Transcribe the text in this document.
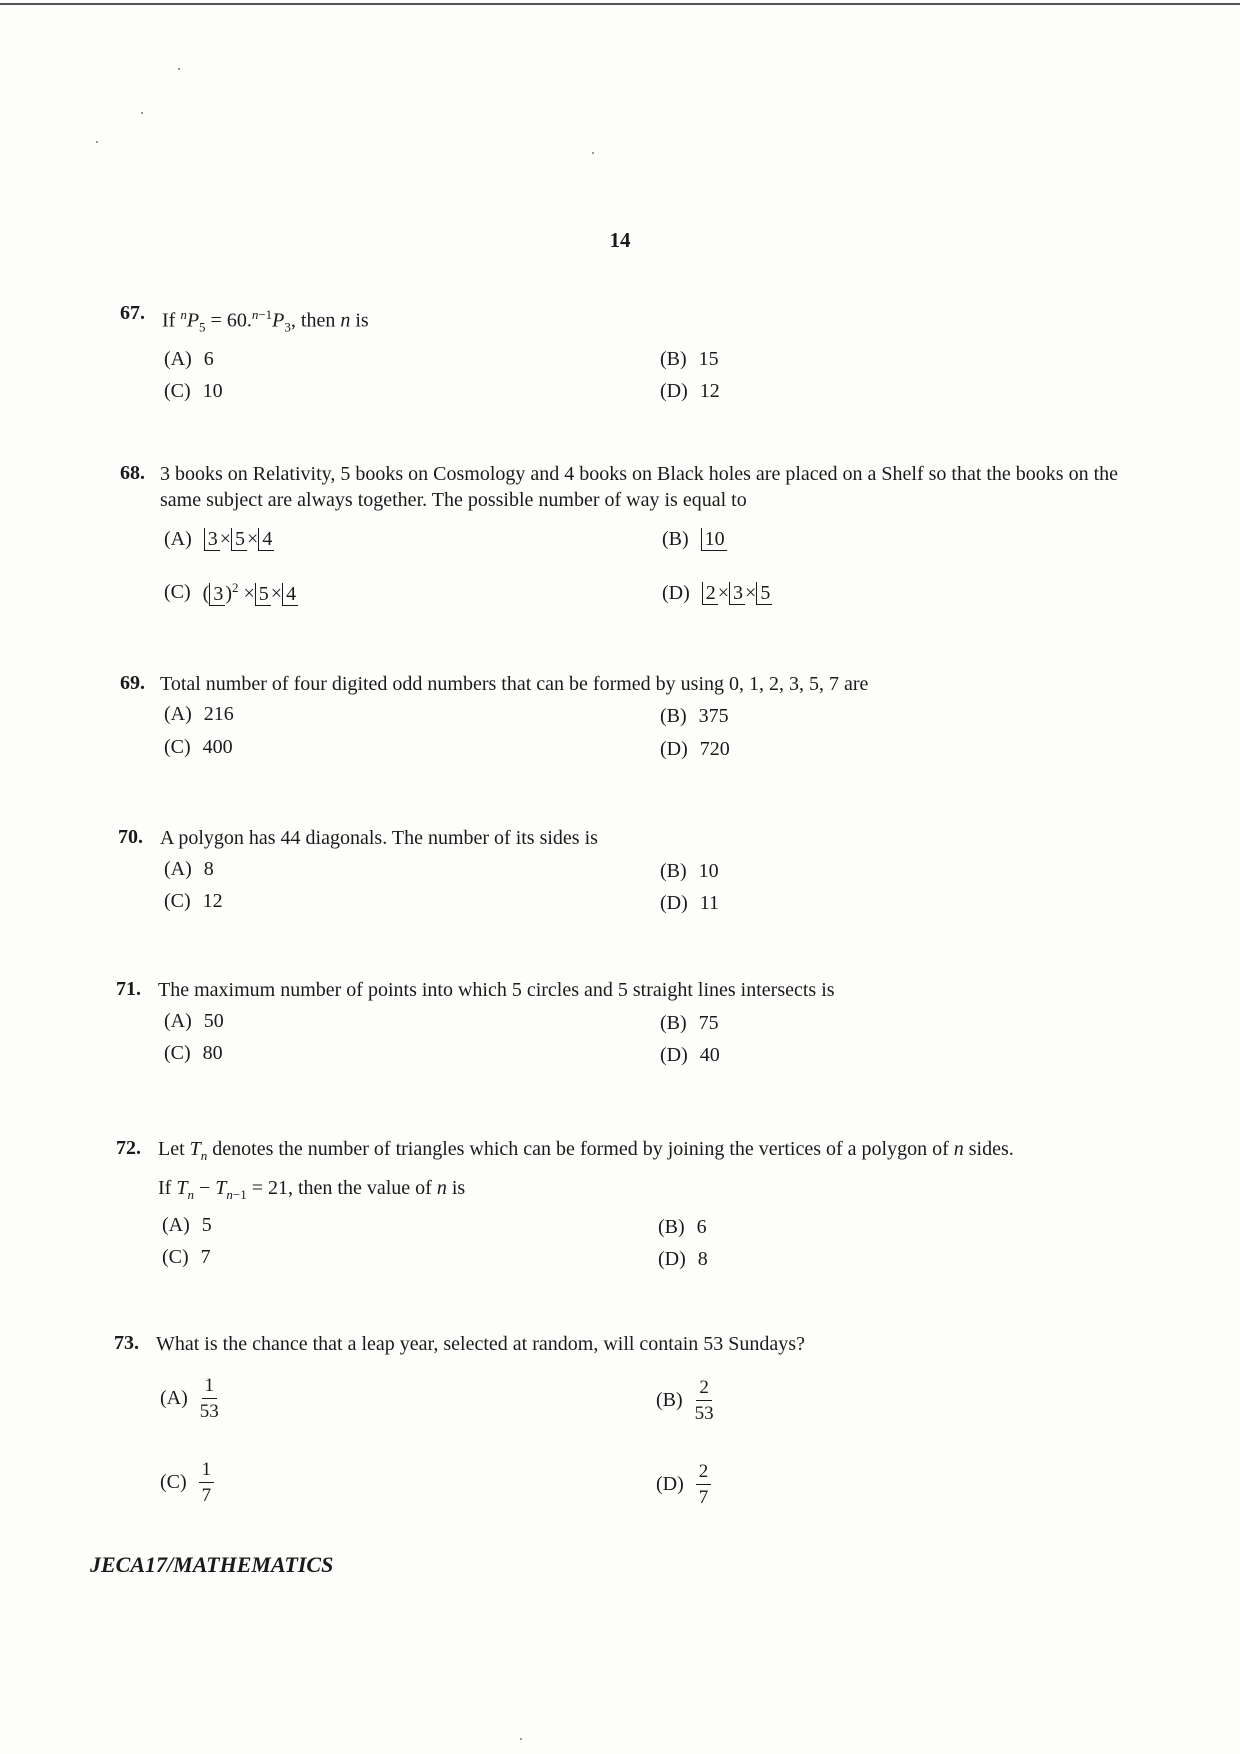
14
67. If $^nP_5 = 60.^{n-1}P_3$, then n is
(A) 6	(B) 15
(C) 10	(D) 12
68. 3 books on Relativity, 5 books on Cosmology and 4 books on Black holes are placed on a Shelf so that the books on the same subject are always together. The possible number of way is equal to
(A) 3 × 5 × 4	(B) 10
(C) ( 3 )$^2$ × 5 × 4	(D) 2 × 3 × 5
69. Total number of four digited odd numbers that can be formed by using 0, 1, 2, 3, 5, 7 are
(A) 216	(B) 375
(C) 400	(D) 720
70. A polygon has 44 diagonals. The number of its sides is
(A) 8	(B) 10
(C) 12	(D) 11
71. The maximum number of points into which 5 circles and 5 straight lines intersects is
(A) 50	(B) 75
(C) 80	(D) 40
72. Let $T_n$ denotes the number of triangles which can be formed by joining the vertices of a polygon of n sides.
If $T_n - T_{n-1} = 21$, then the value of n is
(A) 5	(B) 6
(C) 7	(D) 8
73. What is the chance that a leap year, selected at random, will contain 53 Sundays?
$(A) \frac{1}{53}$	$(B) \frac{2}{53}$
$(C) \frac{1}{7}$	$(D) \frac{2}{7}$
JECA17/MATHEMATICS
